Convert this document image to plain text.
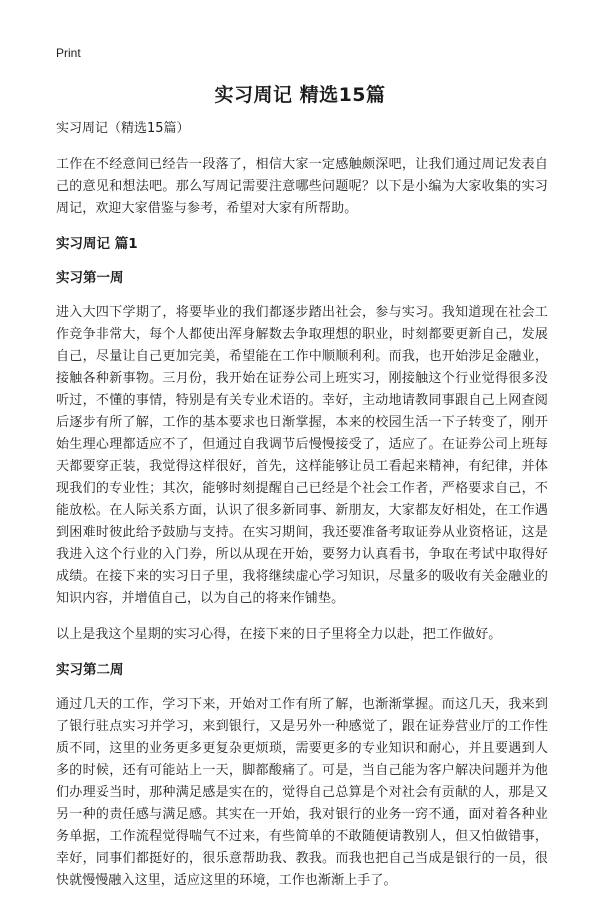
Print
实习周记 精选15篇
实习周记（精选15篇）

工作在不经意间已经告一段落了，相信大家一定感触颇深吧，让我们通过周记发表自己的意见和想法吧。那么写周记需要注意哪些问题呢？以下是小编为大家收集的实习周记，欢迎大家借鉴与参考，希望对大家有所帮助。

实习周记 篇1
实习第一周

进入大四下学期了，将要毕业的我们都逐步踏出社会，参与实习。我知道现在社会工作竞争非常大，每个人都使出浑身解数去争取理想的职业，时刻都要更新自己，发展自己，尽量让自己更加完美，希望能在工作中顺顺利利。而我，也开始涉足金融业，接触各种新事物。三月份，我开始在证券公司上班实习，刚接触这个行业觉得很多没听过，不懂的事情，特别是有关专业术语的。幸好，主动地请教同事跟自己上网查阅后逐步有所了解，工作的基本要求也日渐掌握，本来的校园生活一下子转变了，刚开始生理心理都适应不了，但通过自我调节后慢慢接受了，适应了。在证券公司上班每天都要穿正装，我觉得这样很好，首先，这样能够让员工看起来精神，有纪律，并体现我们的专业性；其次，能够时刻提醒自己已经是个社会工作者，严格要求自己，不能放松。在人际关系方面，认识了很多新同事、新朋友，大家都友好相处，在工作遇到困难时彼此给予鼓励与支持。在实习期间，我还要准备考取证券从业资格证，这是我进入这个行业的入门券，所以从现在开始，要努力认真看书，争取在考试中取得好成绩。在接下来的实习日子里，我将继续虚心学习知识，尽量多的吸收有关金融业的知识内容，并增值自己，以为自己的将来作铺垫。

以上是我这个星期的实习心得，在接下来的日子里将全力以赴，把工作做好。

实习第二周

通过几天的工作，学习下来，开始对工作有所了解，也渐渐掌握。而这几天，我来到了银行驻点实习并学习，来到银行，又是另外一种感觉了，跟在证券营业厅的工作性质不同，这里的业务更多更复杂更烦琐，需要更多的专业知识和耐心，并且要遇到人多的时候，还有可能站上一天，脚都酸痛了。可是，当自己能为客户解决问题并为他们办理妥当时，那种满足感是实在的，觉得自己总算是个对社会有贡献的人，那是又另一种的责任感与满足感。其实在一开始，我对银行的业务一窍不通，面对着各种业务单据，工作流程觉得喘气不过来，有些简单的不敢随便请教别人，但又怕做错事，幸好，同事们都挺好的，很乐意帮助我、教我。而我也把自己当成是银行的一员，很快就慢慢融入这里，适应这里的环境，工作也渐渐上手了。
